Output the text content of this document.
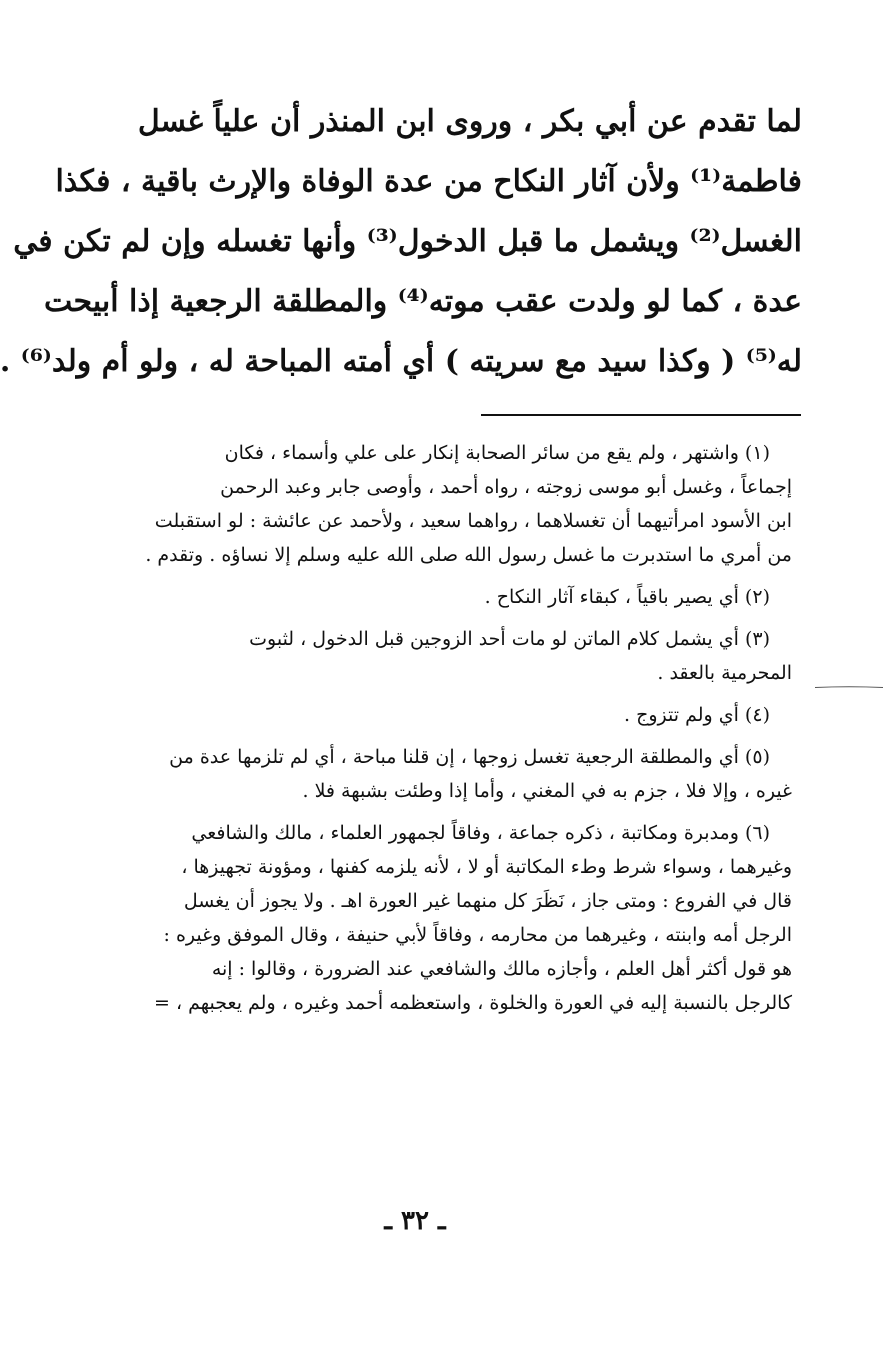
لما تقدم عن أبي بكر ، وروى ابن المنذر أن علياً غسل
فاطمة⁽¹⁾ ولأن آثار النكاح من عدة الوفاة والإرث باقية ، فكذا
الغسل⁽²⁾ ويشمل ما قبل الدخول⁽³⁾ وأنها تغسله وإن لم تكن في
عدة ، كما لو ولدت عقب موته⁽⁴⁾ والمطلقة الرجعية إذا أبيحت
له⁽⁵⁾ ( وكذا سيد مع سريته ) أي أمته المباحة له ، ولو أم ولد⁽⁶⁾ .
(١) واشتهر ، ولم يقع من سائر الصحابة إنكار على علي وأسماء ، فكان
إجماعاً ، وغسل أبو موسى زوجته ، رواه أحمد ، وأوصى جابر وعبد الرحمن
ابن الأسود امرأتيهما أن تغسلاهما ، رواهما سعيد ، ولأحمد عن عائشة : لو استقبلت
من أمري ما استدبرت ما غسل رسول الله صلى الله عليه وسلم إلا نساؤه . وتقدم .
(٢) أي يصير باقياً ، كبقاء آثار النكاح .
(٣) أي يشمل كلام الماتن لو مات أحد الزوجين قبل الدخول ، لثبوت
المحرمية بالعقد .
(٤) أي ولم تتزوج .
(٥) أي والمطلقة الرجعية تغسل زوجها ، إن قلنا مباحة ، أي لم تلزمها عدة من
غيره ، وإلا فلا ، جزم به في المغني ، وأما إذا وطئت بشبهة فلا .
(٦) ومدبرة ومكاتبة ، ذكره جماعة ، وفاقاً لجمهور العلماء ، مالك والشافعي
وغيرهما ، وسواء شرط وطء المكاتبة أو لا ، لأنه يلزمه كفنها ، ومؤونة تجهيزها ،
قال في الفروع : ومتى جاز ، نَظَرَ كل منهما غير العورة اهـ . ولا يجوز أن يغسل
الرجل أمه وابنته ، وغيرهما من محارمه ، وفاقاً لأبي حنيفة ، وقال الموفق وغيره :
هو قول أكثر أهل العلم ، وأجازه مالك والشافعي عند الضرورة ، وقالوا : إنه
كالرجل بالنسبة إليه في العورة والخلوة ، واستعظمه أحمد وغيره ، ولم يعجبهم ، =
ـ ٣٢ ـ
